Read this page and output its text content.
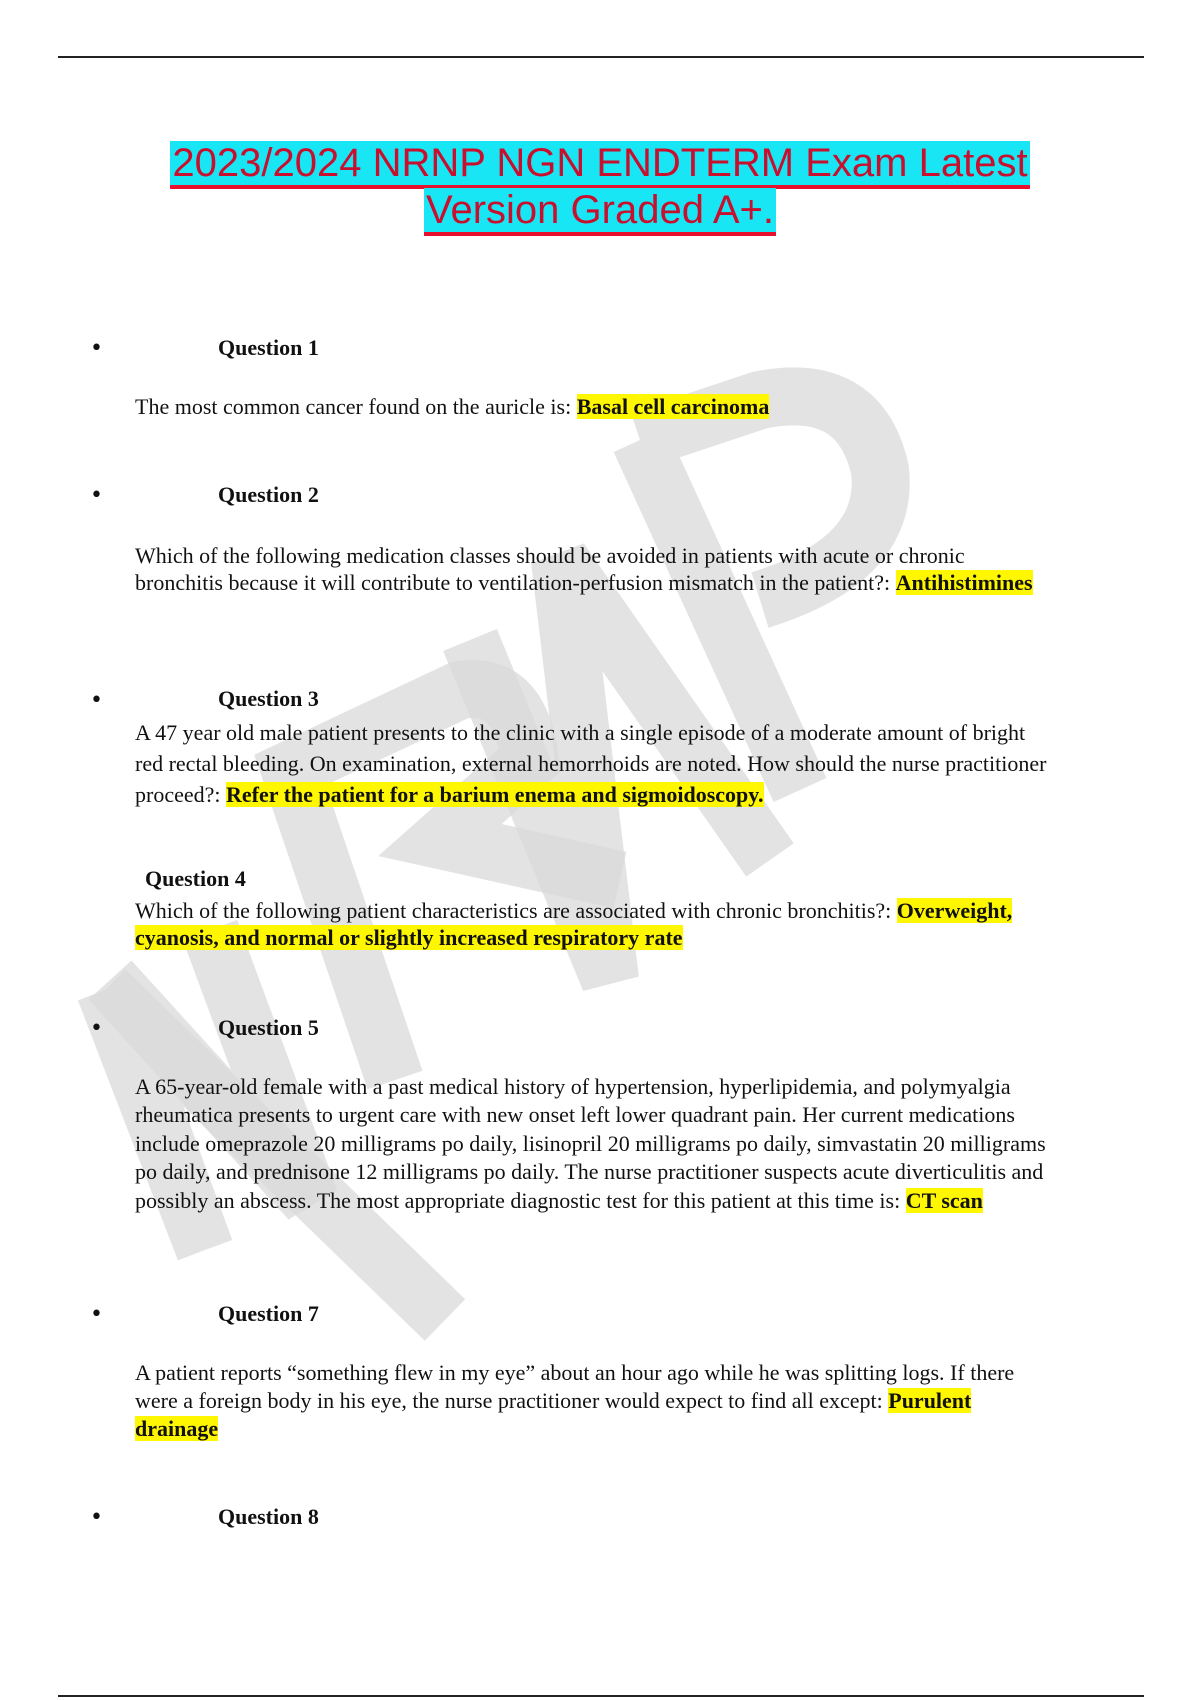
2023/2024 NRNP NGN ENDTERM Exam Latest
Version Graded A+.
•	Question 1

The most common cancer found on the auricle is: Basal cell carcinoma

•	Question 2

Which of the following medication classes should be avoided in patients with acute or chronic bronchitis because it will contribute to ventilation-perfusion mismatch in the patient?: Antihistimines

•	Question 3

A 47 year old male patient presents to the clinic with a single episode of a moderate amount of bright red rectal bleeding. On examination, external hemorrhoids are noted. How should the nurse practitioner proceed?: Refer the patient for a barium enema and sigmoidoscopy.

Question 4

Which of the following patient characteristics are associated with chronic bronchitis?: Overweight, cyanosis, and normal or slightly increased respiratory rate

•	Question 5

A 65-year-old female with a past medical history of hypertension, hyperlipidemia, and polymyalgia rheumatica presents to urgent care with new onset left lower quadrant pain. Her current medications include omeprazole 20 milligrams po daily, lisinopril 20 milligrams po daily, simvastatin 20 milligrams po daily, and prednisone 12 milligrams po daily. The nurse practitioner suspects acute diverticulitis and possibly an abscess. The most appropriate diagnostic test for this patient at this time is: CT scan

•	Question 7

A patient reports “something flew in my eye” about an hour ago while he was splitting logs. If there were a foreign body in his eye, the nurse practitioner would expect to find all except: Purulent drainage

•	Question 8
